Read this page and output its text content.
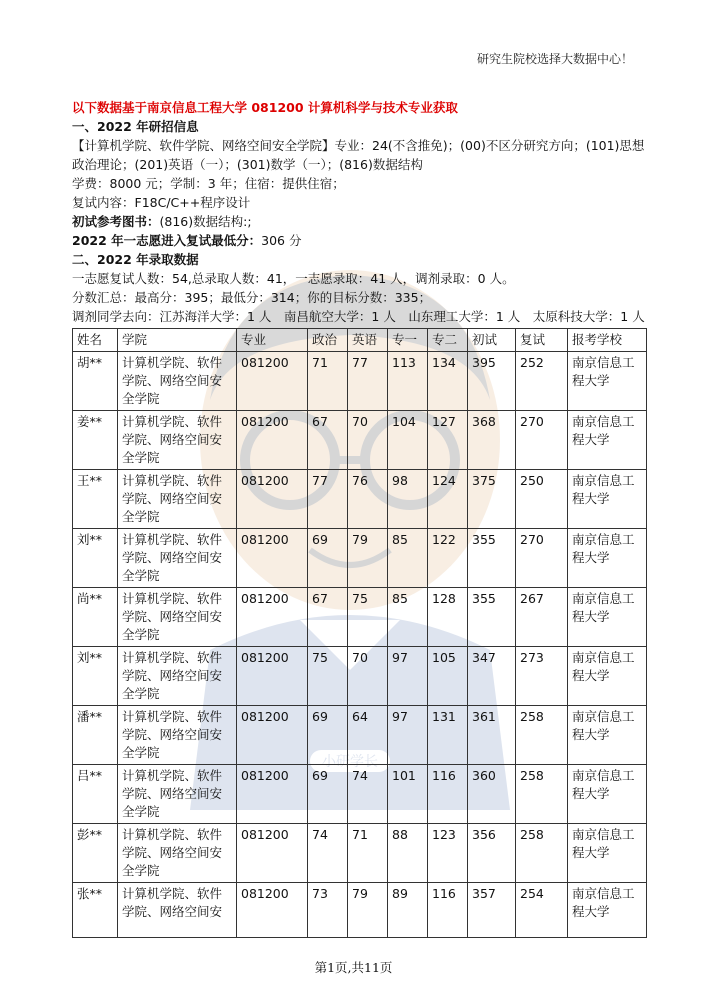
研究生院校选择大数据中心！
小研学长
以下数据基于南京信息工程大学 081200 计算机科学与技术专业获取
一、2022 年研招信息
【计算机学院、软件学院、网络空间安全学院】专业：24(不含推免)；(00)不区分研究方向；(101)思想政治理论；(201)英语（一）；(301)数学（一）；(816)数据结构
学费：8000 元；学制：3 年；住宿：提供住宿；
复试内容：F18C/C++程序设计
初试参考图书：(816)数据结构:;
2022 年一志愿进入复试最低分：306 分
二、2022 年录取数据
一志愿复试人数：54,总录取人数：41，一志愿录取：41 人，调剂录取：0 人。
分数汇总：最高分：395；最低分：314；你的目标分数：335；
调剂同学去向：江苏海洋大学：1 人　南昌航空大学：1 人　山东理工大学：1 人　太原科技大学：1 人
姓名	学院	专业	政治	英语	专一	专二	初试	复试	报考学校
胡**	计算机学院、软件学院、网络空间安全学院	081200	71	77	113	134	395	252	南京信息工程大学
姜**	计算机学院、软件学院、网络空间安全学院	081200	67	70	104	127	368	270	南京信息工程大学
王**	计算机学院、软件学院、网络空间安全学院	081200	77	76	98	124	375	250	南京信息工程大学
刘**	计算机学院、软件学院、网络空间安全学院	081200	69	79	85	122	355	270	南京信息工程大学
尚**	计算机学院、软件学院、网络空间安全学院	081200	67	75	85	128	355	267	南京信息工程大学
刘**	计算机学院、软件学院、网络空间安全学院	081200	75	70	97	105	347	273	南京信息工程大学
潘**	计算机学院、软件学院、网络空间安全学院	081200	69	64	97	131	361	258	南京信息工程大学
吕**	计算机学院、软件学院、网络空间安全学院	081200	69	74	101	116	360	258	南京信息工程大学
彭**	计算机学院、软件学院、网络空间安全学院	081200	74	71	88	123	356	258	南京信息工程大学
张**	计算机学院、软件学院、网络空间安	081200	73	79	89	116	357	254	南京信息工程大学
第1页,共11页
